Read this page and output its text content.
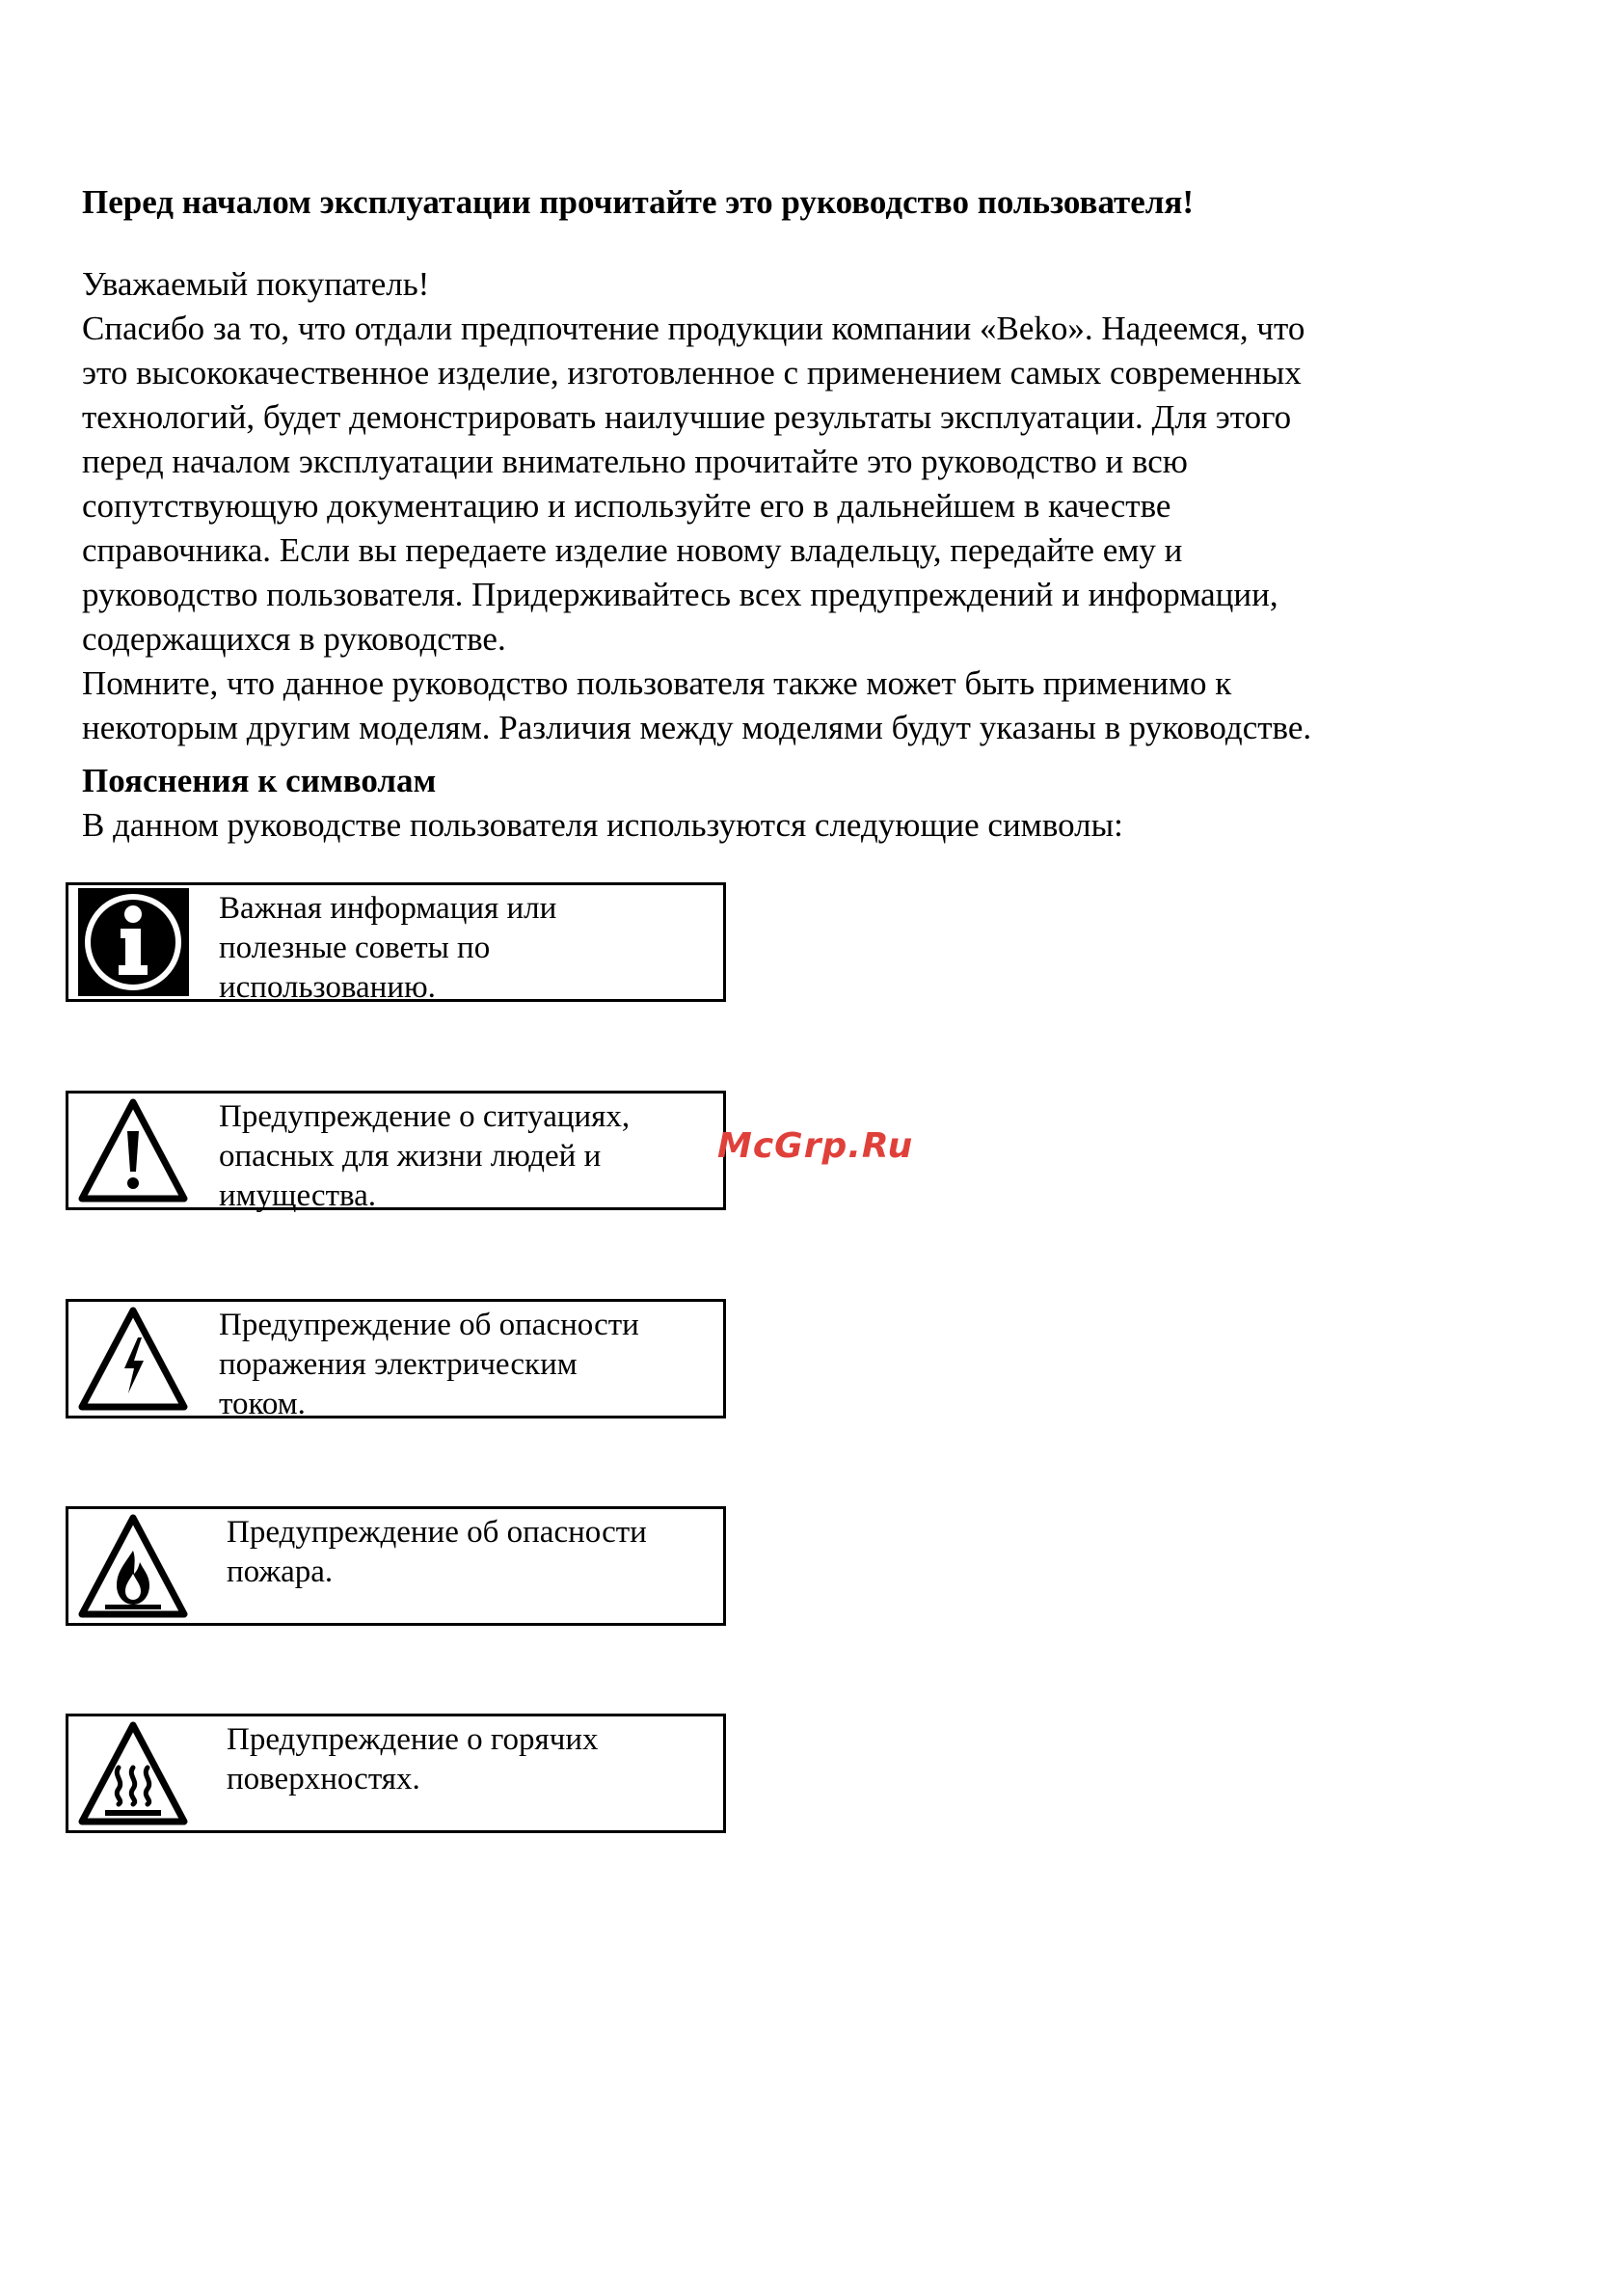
Перед началом эксплуатации прочитайте это руководство пользователя!
Уважаемый покупатель!
Спасибо за то, что отдали предпочтение продукции компании «Beko». Надеемся, что
это высококачественное изделие, изготовленное с применением самых современных
технологий, будет демонстрировать наилучшие результаты эксплуатации. Для этого
перед началом эксплуатации внимательно прочитайте это руководство и всю
сопутствующую документацию и используйте его в дальнейшем в качестве
справочника. Если вы передаете изделие новому владельцу, передайте ему и
руководство пользователя. Придерживайтесь всех предупреждений и информации,
содержащихся в руководстве.
Помните, что данное руководство пользователя также может быть применимо к
некоторым другим моделям. Различия между моделями будут указаны в руководстве.
Пояснения к символам
В данном руководстве пользователя используются следующие символы:
Важная информация или
полезные советы по
использованию.
Предупреждение о ситуациях,
опасных для жизни людей и
имущества.
Предупреждение об опасности
поражения электрическим
током.
Предупреждение об опасности
пожара.
Предупреждение о горячих
поверхностях.
McGrp.Ru
